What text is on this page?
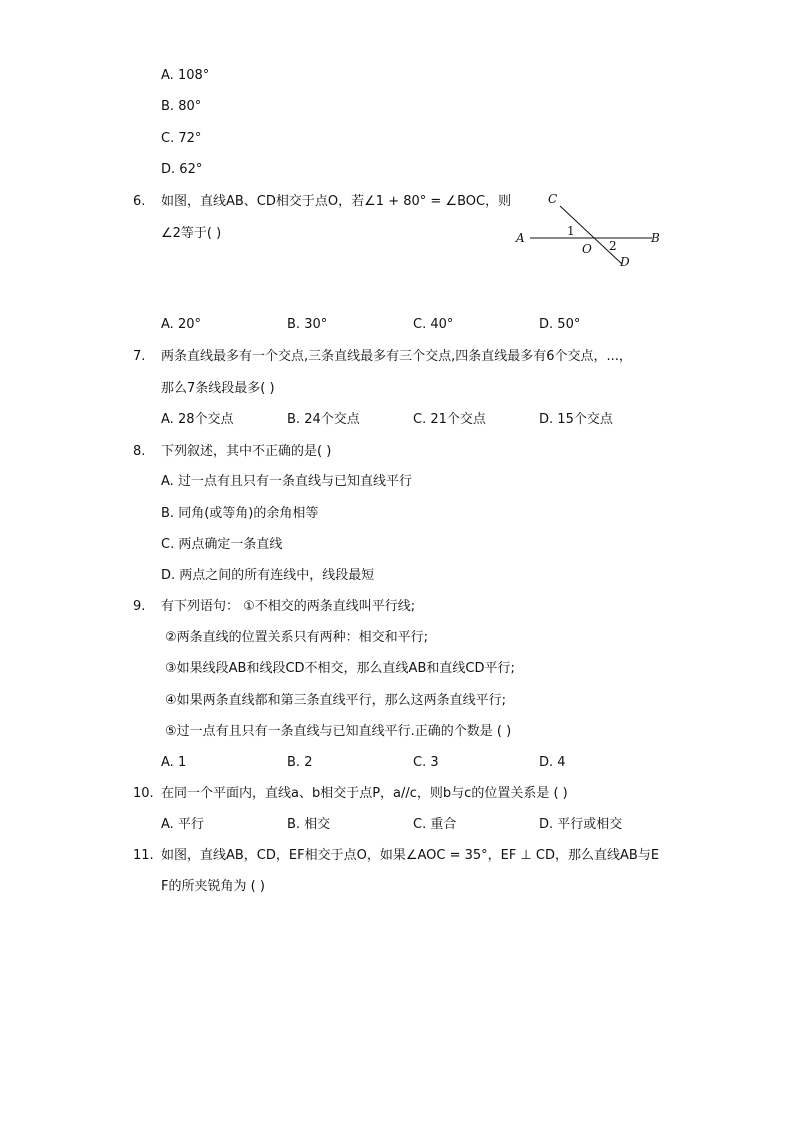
A. 108°
B. 80°
C. 72°
D. 62°
6. 如图，直线AB、CD相交于点O，若∠1 + 80° = ∠BOC，则
∠2等于( )
C
A	B
O
D
1
2
A. 20°	B. 30°	C. 40°	D. 50°
7. 两条直线最多有一个交点,三条直线最多有三个交点,四条直线最多有6个交点，...，
那么7条线段最多( )
A. 28个交点	B. 24个交点	C. 21个交点	D. 15个交点
8. 下列叙述，其中不正确的是( )
A. 过一点有且只有一条直线与已知直线平行
B. 同角(或等角)的余角相等
C. 两点确定一条直线
D. 两点之间的所有连线中，线段最短
9. 有下列语句： ①不相交的两条直线叫平行线;
②两条直线的位置关系只有两种：相交和平行;
③如果线段AB和线段CD不相交，那么直线AB和直线CD平行;
④如果两条直线都和第三条直线平行，那么这两条直线平行;
⑤过一点有且只有一条直线与已知直线平行.正确的个数是 ( )
A. 1	B. 2	C. 3	D. 4
10. 在同一个平面内，直线a、b相交于点P，a//c，则b与c的位置关系是 ( )
A. 平行	B. 相交	C. 重合	D. 平行或相交
11. 如图，直线AB，CD，EF相交于点O，如果∠AOC = 35°，EF ⊥ CD，那么直线AB与E
F的所夹锐角为 ( )
